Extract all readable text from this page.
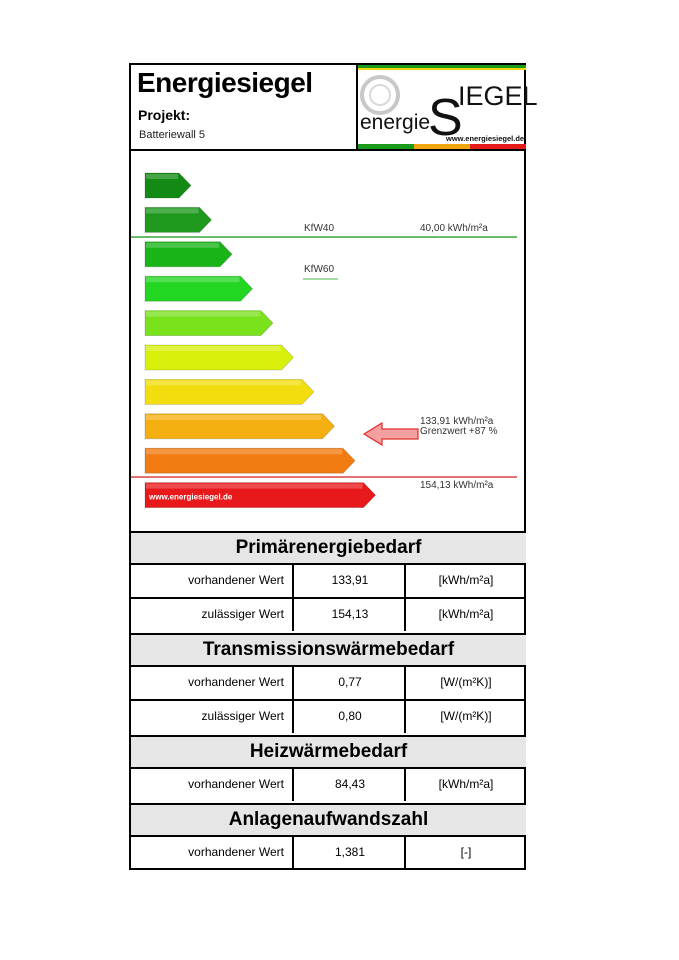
Energiesiegel
Projekt:
Batteriewall 5
energie
S
IEGEL
www.energiesiegel.de
www.energiesiegel.de
KfW40	40,00 kWh/m²a
KfW60
133,91 kWh/m²a
Grenzwert +87 %
154,13 kWh/m²a
Primärenergiebedarf
vorhandener Wert	133,91	[kWh/m²a]
zulässiger Wert	154,13	[kWh/m²a]
Transmissionswärmebedarf
vorhandener Wert	0,77	[W/(m²K)]
zulässiger Wert	0,80	[W/(m²K)]
Heizwärmebedarf
vorhandener Wert	84,43	[kWh/m²a]
Anlagenaufwandszahl
vorhandener Wert	1,381	[-]
